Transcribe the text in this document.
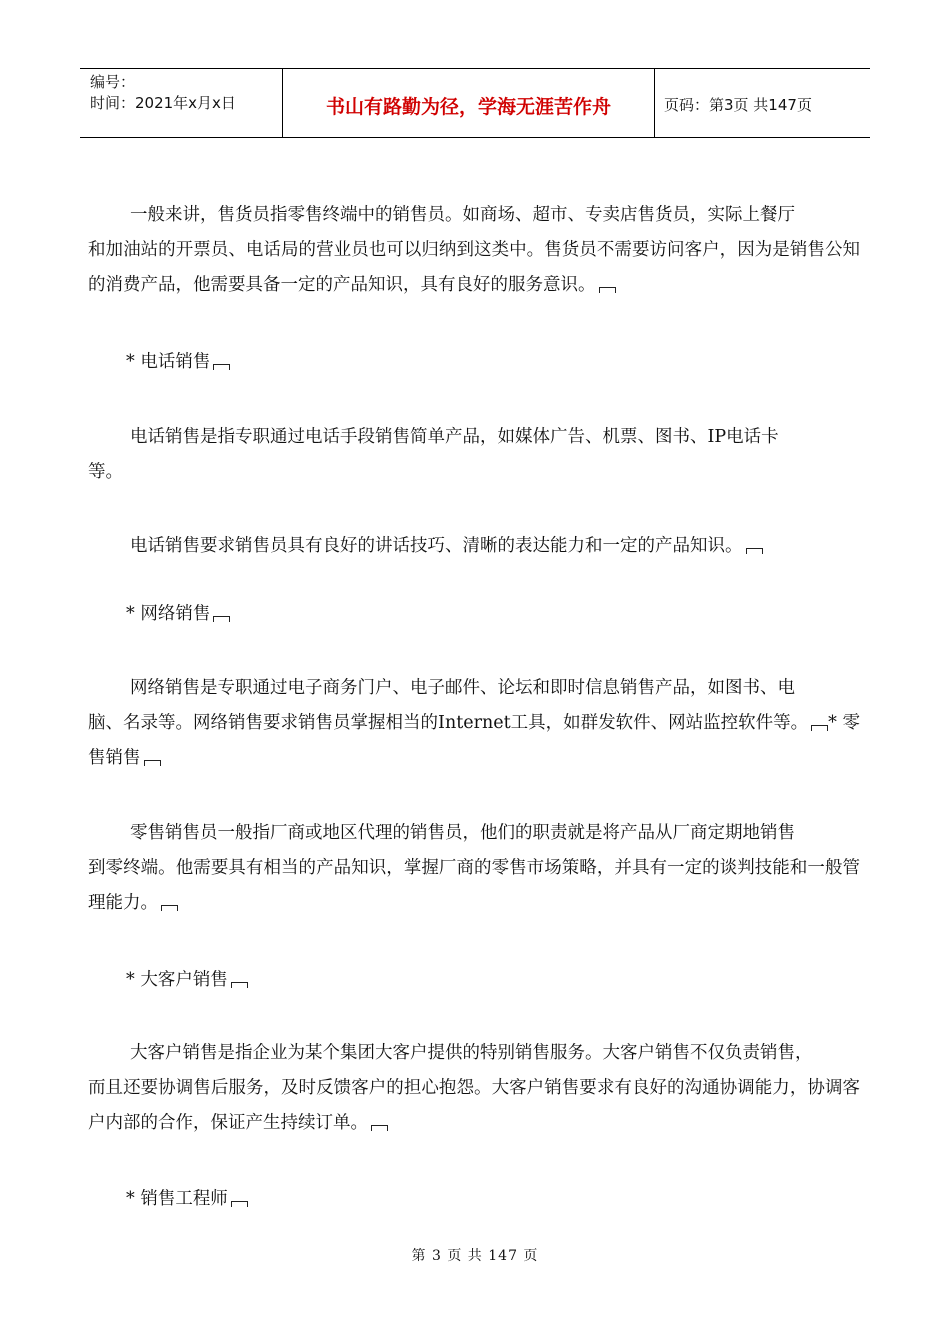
编号：
时间：2021年x月x日	书山有路勤为径，学海无涯苦作舟	页码：第3页 共147页

一般来讲，售货员指零售终端中的销售员。如商场、超市、专卖店售货员，实际上餐厅
和加油站的开票员、电话局的营业员也可以归纳到这类中。售货员不需要访问客户，因为是销售公知的消费产品，他需要具备一定的产品知识，具有良好的服务意识。

* 电话销售

电话销售是指专职通过电话手段销售简单产品，如媒体广告、机票、图书、IP电话卡
等。

电话销售要求销售员具有良好的讲话技巧、清晰的表达能力和一定的产品知识。

* 网络销售

网络销售是专职通过电子商务门户、电子邮件、论坛和即时信息销售产品，如图书、电
脑、名录等。网络销售要求销售员掌握相当的Internet工具，如群发软件、网站监控软件等。 * 零售销售

零售销售员一般指厂商或地区代理的销售员，他们的职责就是将产品从厂商定期地销售
到零终端。他需要具有相当的产品知识，掌握厂商的零售市场策略，并具有一定的谈判技能和一般管理能力。

* 大客户销售

大客户销售是指企业为某个集团大客户提供的特别销售服务。大客户销售不仅负责销售，
而且还要协调售后服务，及时反馈客户的担心抱怨。大客户销售要求有良好的沟通协调能力，协调客户内部的合作，保证产生持续订单。

* 销售工程师

第 3 页 共 147 页
